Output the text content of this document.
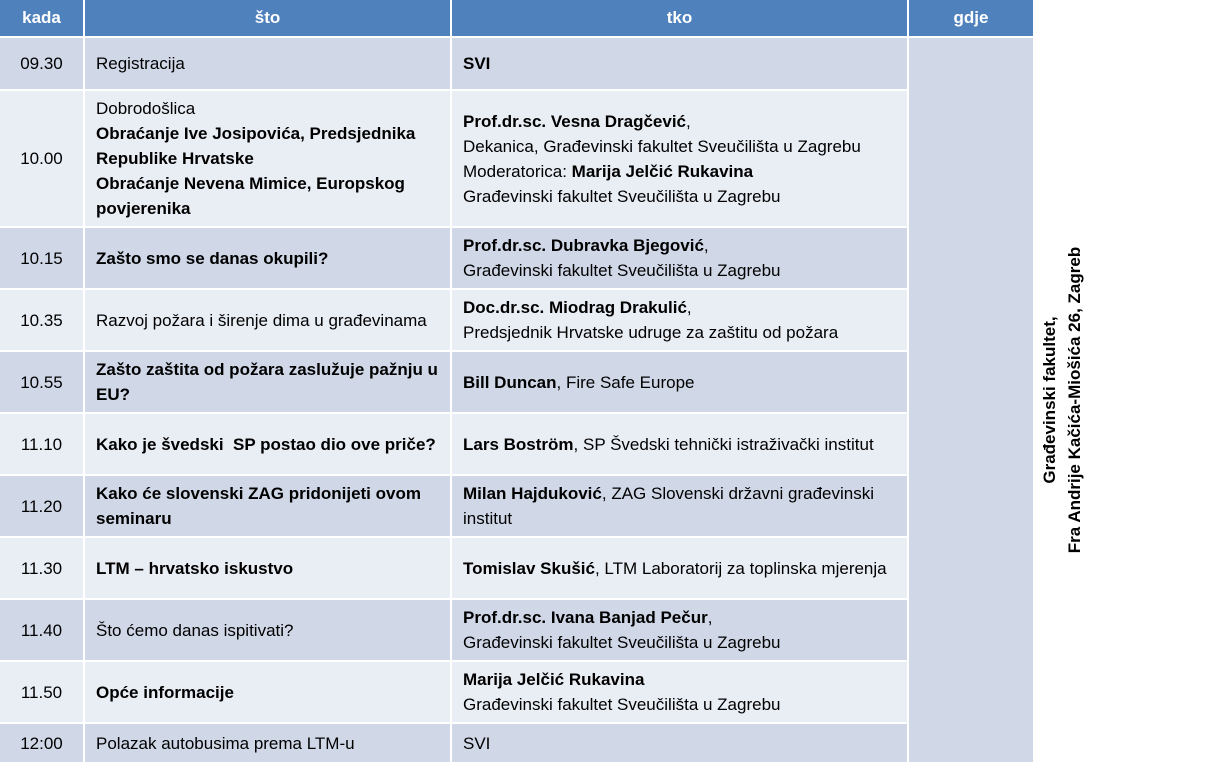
kada	što	tko	gdje
09.30	Registracija	SVI	Građevinski fakultet, Fra Andrije Kačića-Miošića 26, Zagreb

10.00	Dobrodošlica
Obraćanje Ive Josipovića, Predsjednika Republike Hrvatske
Obraćanje Nevena Mimice, Europskog povjerenika	Prof.dr.sc. Vesna Dragčević,
Dekanica, Građevinski fakultet Sveučilišta u Zagrebu
Moderatorica: Marija Jelčić Rukavina
Građevinski fakultet Sveučilišta u Zagrebu	

10.15	Zašto smo se danas okupili?	Prof.dr.sc. Dubravka Bjegović,
Građevinski fakultet Sveučilišta u Zagrebu	

10.35	Razvoj požara i širenje dima u građevinama	Doc.dr.sc. Miodrag Drakulić,
Predsjednik Hrvatske udruge za zaštitu od požara	

10.55	Zašto zaštita od požara zaslužuje pažnju u EU?	Bill Duncan, Fire Safe Europe	
11.10	Kako je švedski  SP postao dio ove priče?	Lars Boström, SP Švedski tehnički istraživački institut	
11.20	Kako će slovenski ZAG pridonijeti ovom seminaru	Milan Hajduković, ZAG Slovenski državni građevinski institut	
11.30	LTM – hrvatsko iskustvo	Tomislav Skušić, LTM Laboratorij za toplinska mjerenja	
11.40	Što ćemo danas ispitivati?	Prof.dr.sc. Ivana Banjad Pečur,
Građevinski fakultet Sveučilišta u Zagrebu	

11.50	Opće informacije	Marija Jelčić Rukavina
Građevinski fakultet Sveučilišta u Zagrebu	

12:00	Polazak autobusima prema LTM-u	SVI	
